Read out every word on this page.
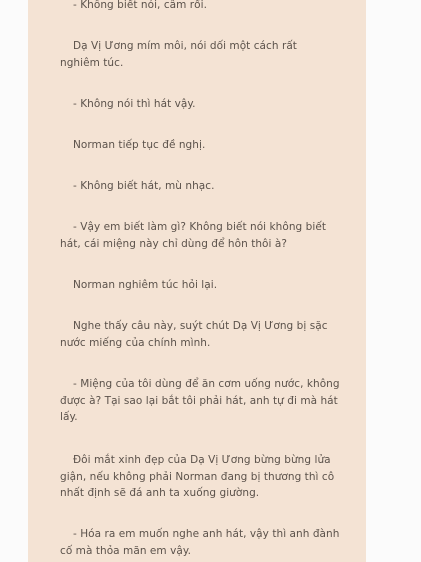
- Không biết nói, câm rồi.

Dạ Vị Ương mím môi, nói dối một cách rất nghiêm túc.

- Không nói thì hát vậy.

Norman tiếp tục đề nghị.

- Không biết hát, mù nhạc.

- Vậy em biết làm gì? Không biết nói không biết hát, cái miệng này chỉ dùng để hôn thôi à?

Norman nghiêm túc hỏi lại.

Nghe thấy câu này, suýt chút Dạ Vị Ương bị sặc nước miếng của chính mình.

- Miệng của tôi dùng để ăn cơm uống nước, không được à? Tại sao lại bắt tôi phải hát, anh tự đi mà hát lấy.

Đôi mắt xinh đẹp của Dạ Vị Ương bừng bừng lửa giận, nếu không phải Norman đang bị thương thì cô nhất định sẽ đá anh ta xuống giường.

- Hóa ra em muốn nghe anh hát, vậy thì anh đành cố mà thỏa mãn em vậy.
